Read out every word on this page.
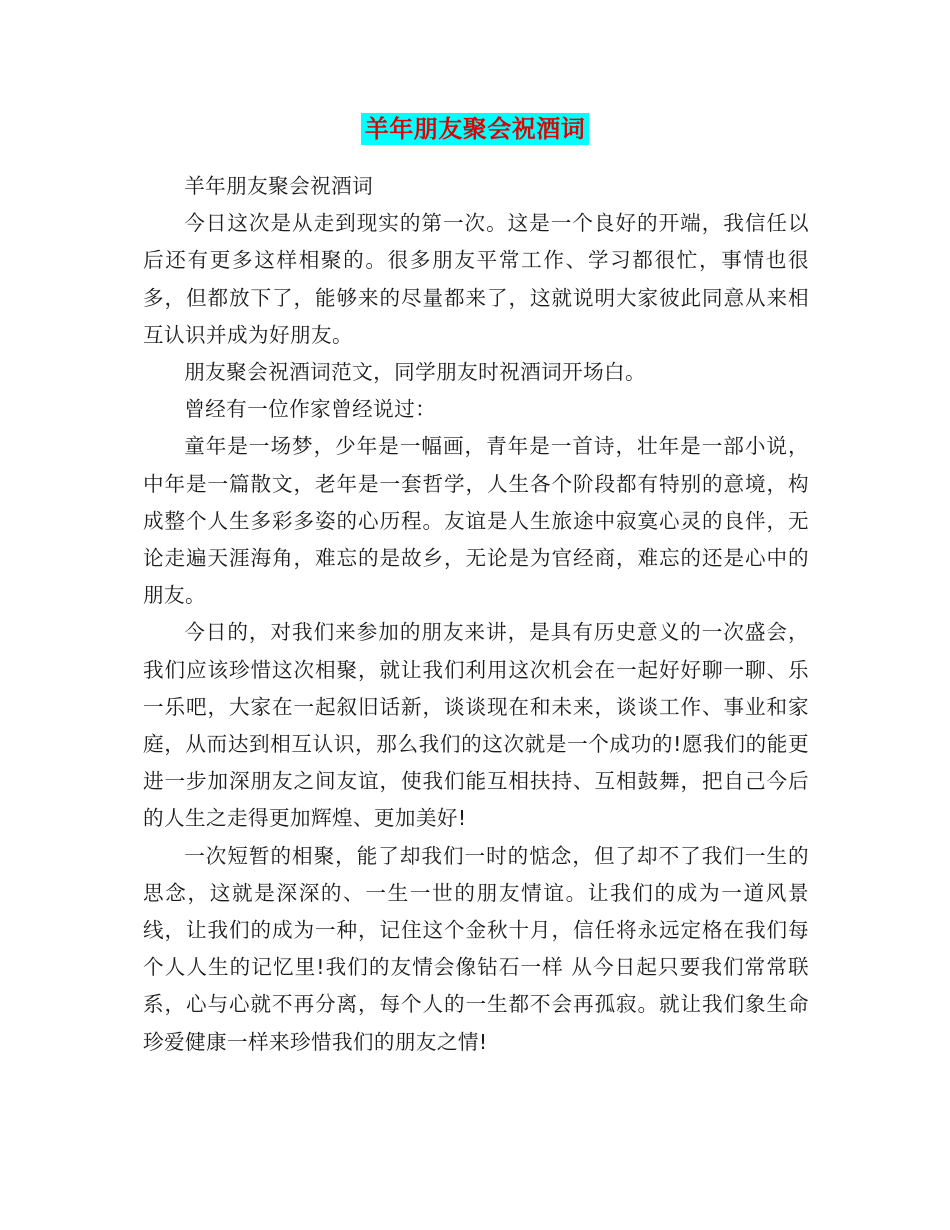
羊年朋友聚会祝酒词

羊年朋友聚会祝酒词

今日这次是从走到现实的第一次。这是一个良好的开端，我信任以后还有更多这样相聚的。很多朋友平常工作、学习都很忙，事情也很多，但都放下了，能够来的尽量都来了，这就说明大家彼此同意从来相互认识并成为好朋友。

朋友聚会祝酒词范文，同学朋友时祝酒词开场白。

曾经有一位作家曾经说过：

童年是一场梦，少年是一幅画，青年是一首诗，壮年是一部小说，中年是一篇散文，老年是一套哲学，人生各个阶段都有特别的意境，构成整个人生多彩多姿的心历程。友谊是人生旅途中寂寞心灵的良伴，无论走遍天涯海角，难忘的是故乡，无论是为官经商，难忘的还是心中的朋友。

今日的，对我们来参加的朋友来讲，是具有历史意义的一次盛会，我们应该珍惜这次相聚，就让我们利用这次机会在一起好好聊一聊、乐一乐吧，大家在一起叙旧话新，谈谈现在和未来，谈谈工作、事业和家庭，从而达到相互认识，那么我们的这次就是一个成功的!愿我们的能更进一步加深朋友之间友谊，使我们能互相扶持、互相鼓舞，把自己今后的人生之走得更加辉煌、更加美好!

一次短暂的相聚，能了却我们一时的惦念，但了却不了我们一生的思念，这就是深深的、一生一世的朋友情谊。让我们的成为一道风景线，让我们的成为一种，记住这个金秋十月，信任将永远定格在我们每个人人生的记忆里!我们的友情会像钻石一样 从今日起只要我们常常联系，心与心就不再分离，每个人的一生都不会再孤寂。就让我们象生命珍爱健康一样来珍惜我们的朋友之情!
